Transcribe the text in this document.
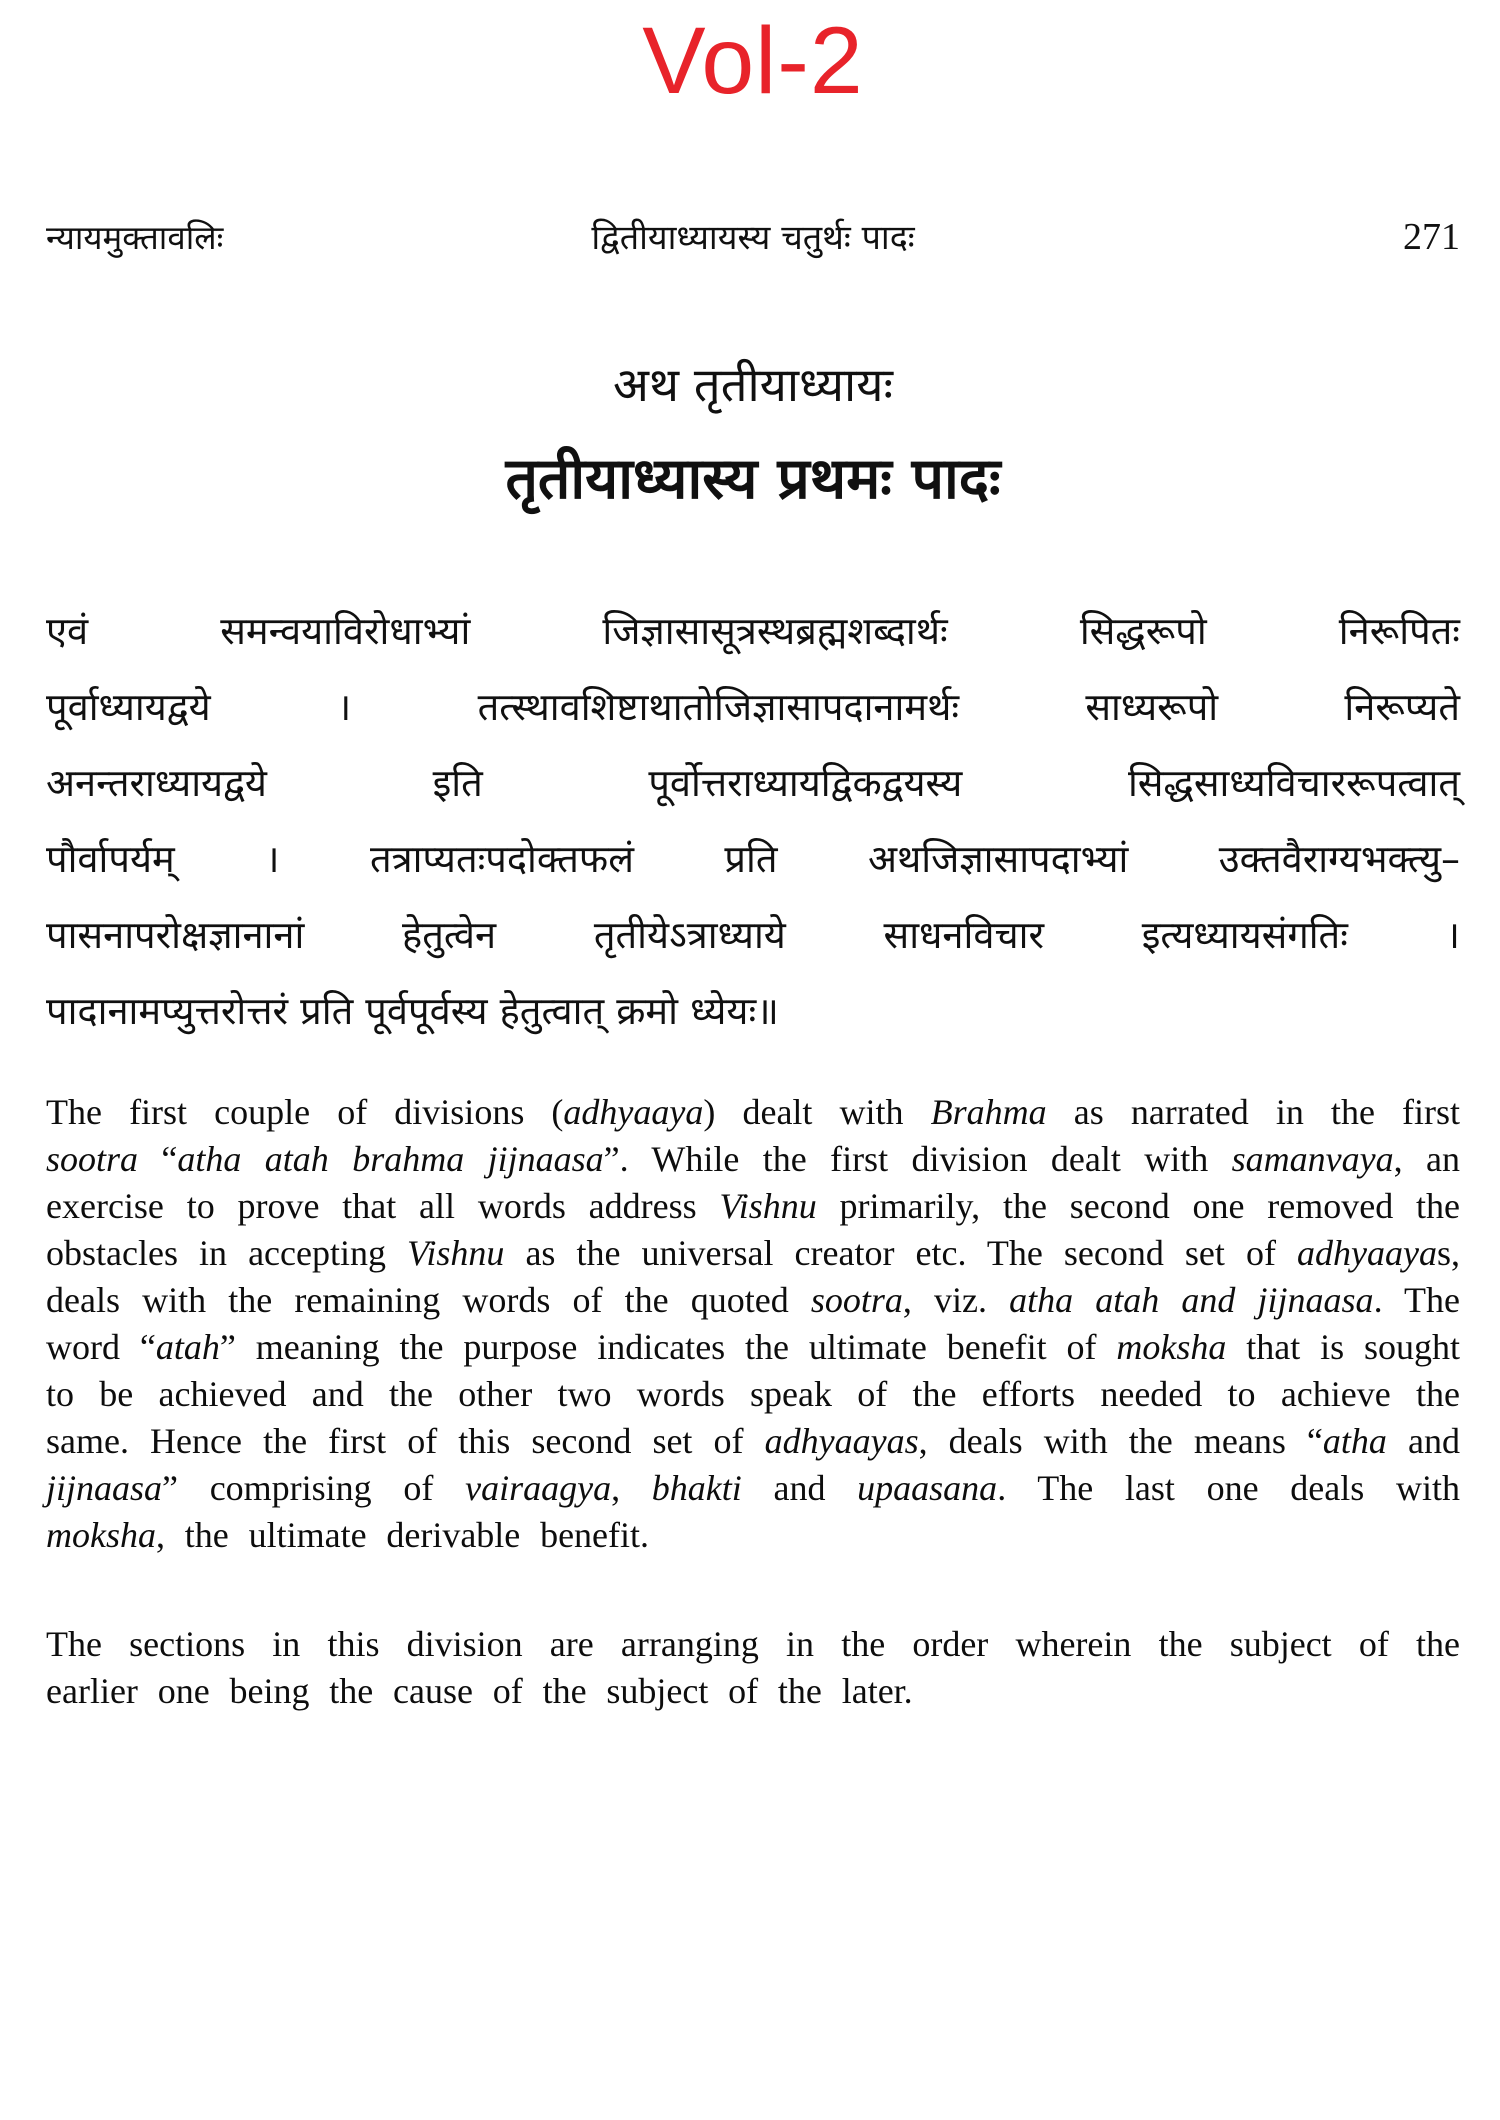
Vol-2
न्यायमुक्तावलिः	द्वितीयाध्यायस्य चतुर्थः पादः	271
अथ तृतीयाध्यायः
तृतीयाध्यास्य प्रथमः पादः
एवं समन्वयाविरोधाभ्यां जिज्ञासासूत्रस्थब्रह्मशब्दार्थः सिद्धरूपो निरूपितः
पूर्वाध्यायद्वये । तत्स्थावशिष्टाथातोजिज्ञासापदानामर्थः साध्यरूपो निरूप्यते
अनन्तराध्यायद्वये इति पूर्वोत्तराध्यायद्विकद्वयस्य सिद्धसाध्यविचाररूपत्वात्
पौर्वापर्यम् । तत्राप्यतःपदोक्तफलं प्रति अथजिज्ञासापदाभ्यां उक्तवैराग्यभक्त्यु–
पासनापरोक्षज्ञानानां हेतुत्वेन तृतीयेऽत्राध्याये साधनविचार इत्यध्यायसंगतिः ।
पादानामप्युत्तरोत्तरं प्रति पूर्वपूर्वस्य हेतुत्वात् क्रमो ध्येयः॥

The first couple of divisions (adhyaaya) dealt with Brahma as narrated in the first sootra “atha atah brahma jijnaasa”. While the first division dealt with samanvaya, an exercise to prove that all words address Vishnu primarily, the second one removed the obstacles in accepting Vishnu as the universal creator etc. The second set of adhyaayas, deals with the remaining words of the quoted sootra, viz. atha atah and jijnaasa. The word “atah” meaning the purpose indicates the ultimate benefit of moksha that is sought to be achieved and the other two words speak of the efforts needed to achieve the same. Hence the first of this second set of adhyaayas, deals with the means “atha and jijnaasa” comprising of vairaagya, bhakti and upaasana. The last one deals with moksha, the ultimate derivable benefit.

The sections in this division are arranging in the order wherein the subject of the earlier one being the cause of the subject of the later.
